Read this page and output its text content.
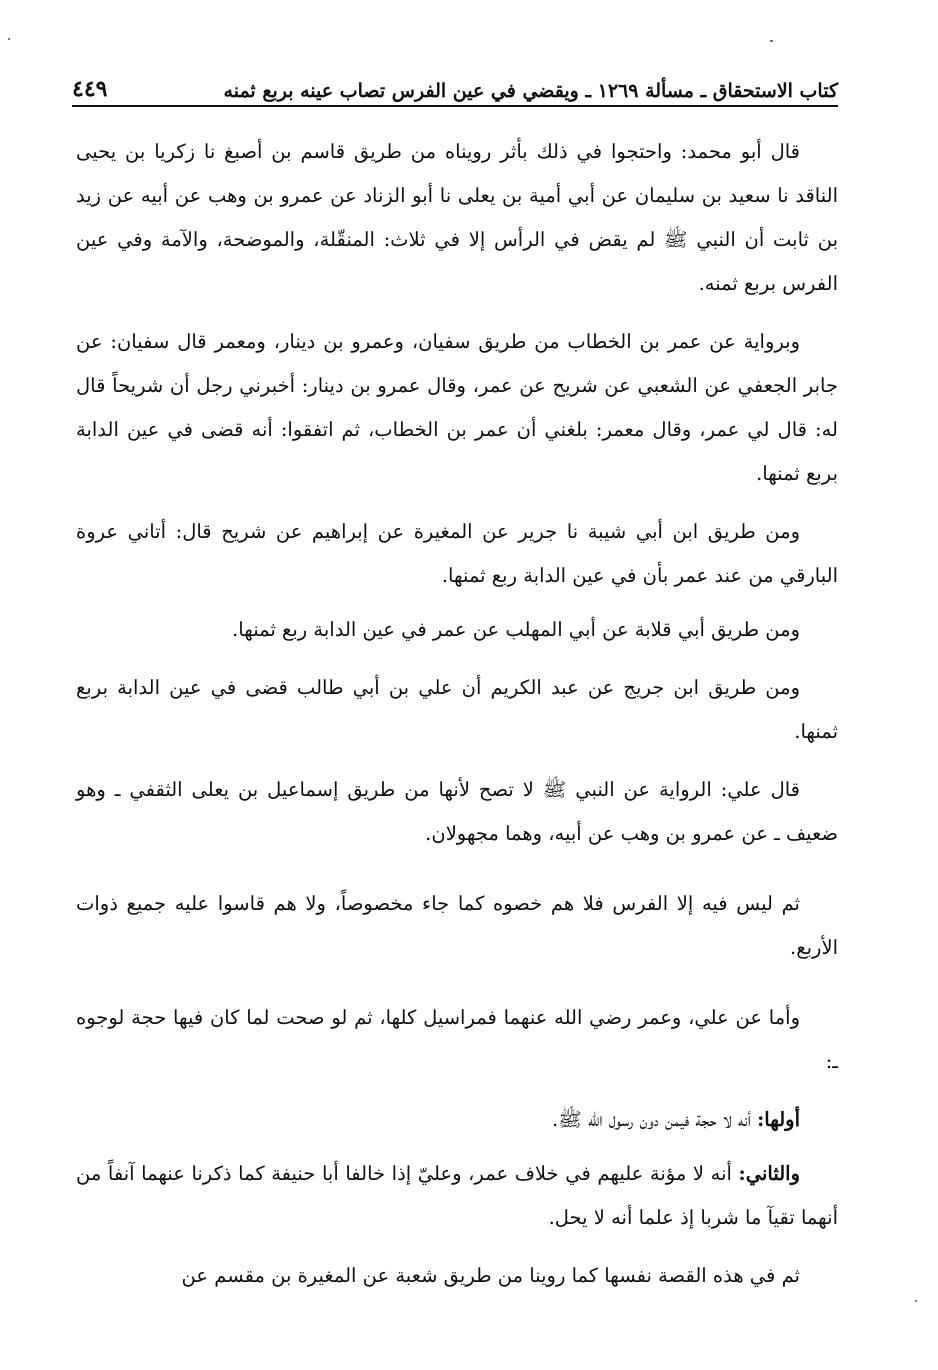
كتاب الاستحقاق ـ مسألة ١٢٦٩ ـ ويقضي في عين الفرس تصاب عينه بربع ثمنه
٤٤٩

قال أبو محمد: واحتجوا في ذلك بأثر رويناه من طريق قاسم بن أصبغ نا زكريا بن يحيى الناقد نا سعيد بن سليمان عن أبي أمية بن يعلى نا أبو الزناد عن عمرو بن وهب عن أبيه عن زيد بن ثابت أن النبي ﷺ لم يقض في الرأس إلا في ثلاث: المنقّلة، والموضحة، والآمة وفي عين الفرس بربع ثمنه.

وبرواية عن عمر بن الخطاب من طريق سفيان، وعمرو بن دينار، ومعمر قال سفيان: عن جابر الجعفي عن الشعبي عن شريح عن عمر، وقال عمرو بن دينار: أخبرني رجل أن شريحاً قال له: قال لي عمر، وقال معمر: بلغني أن عمر بن الخطاب، ثم اتفقوا: أنه قضى في عين الدابة بربع ثمنها.

ومن طريق ابن أبي شيبة نا جرير عن المغيرة عن إبراهيم عن شريح قال: أتاني عروة البارقي من عند عمر بأن في عين الدابة ربع ثمنها.

ومن طريق أبي قلابة عن أبي المهلب عن عمر في عين الدابة ربع ثمنها.

ومن طريق ابن جريج عن عبد الكريم أن علي بن أبي طالب قضى في عين الدابة بربع ثمنها.

قال علي: الرواية عن النبي ﷺ لا تصح لأنها من طريق إسماعيل بن يعلى الثقفي ـ وهو ضعيف ـ عن عمرو بن وهب عن أبيه، وهما مجهولان.

ثم ليس فيه إلا الفرس فلا هم خصوه كما جاء مخصوصاً، ولا هم قاسوا عليه جميع ذوات الأربع.

وأما عن علي، وعمر رضي الله عنهما فمراسيل كلها، ثم لو صحت لما كان فيها حجة لوجوه ـ:

أولها: أنه لا حجة فيمن دون رسول الله ﷺ.

والثاني: أنه لا مؤنة عليهم في خلاف عمر، وعليّ إذا خالفا أبا حنيفة كما ذكرنا عنهما آنفاً من أنهما تقيآ ما شربا إذ علما أنه لا يحل.

ثم في هذه القصة نفسها كما روينا من طريق شعبة عن المغيرة بن مقسم عن
